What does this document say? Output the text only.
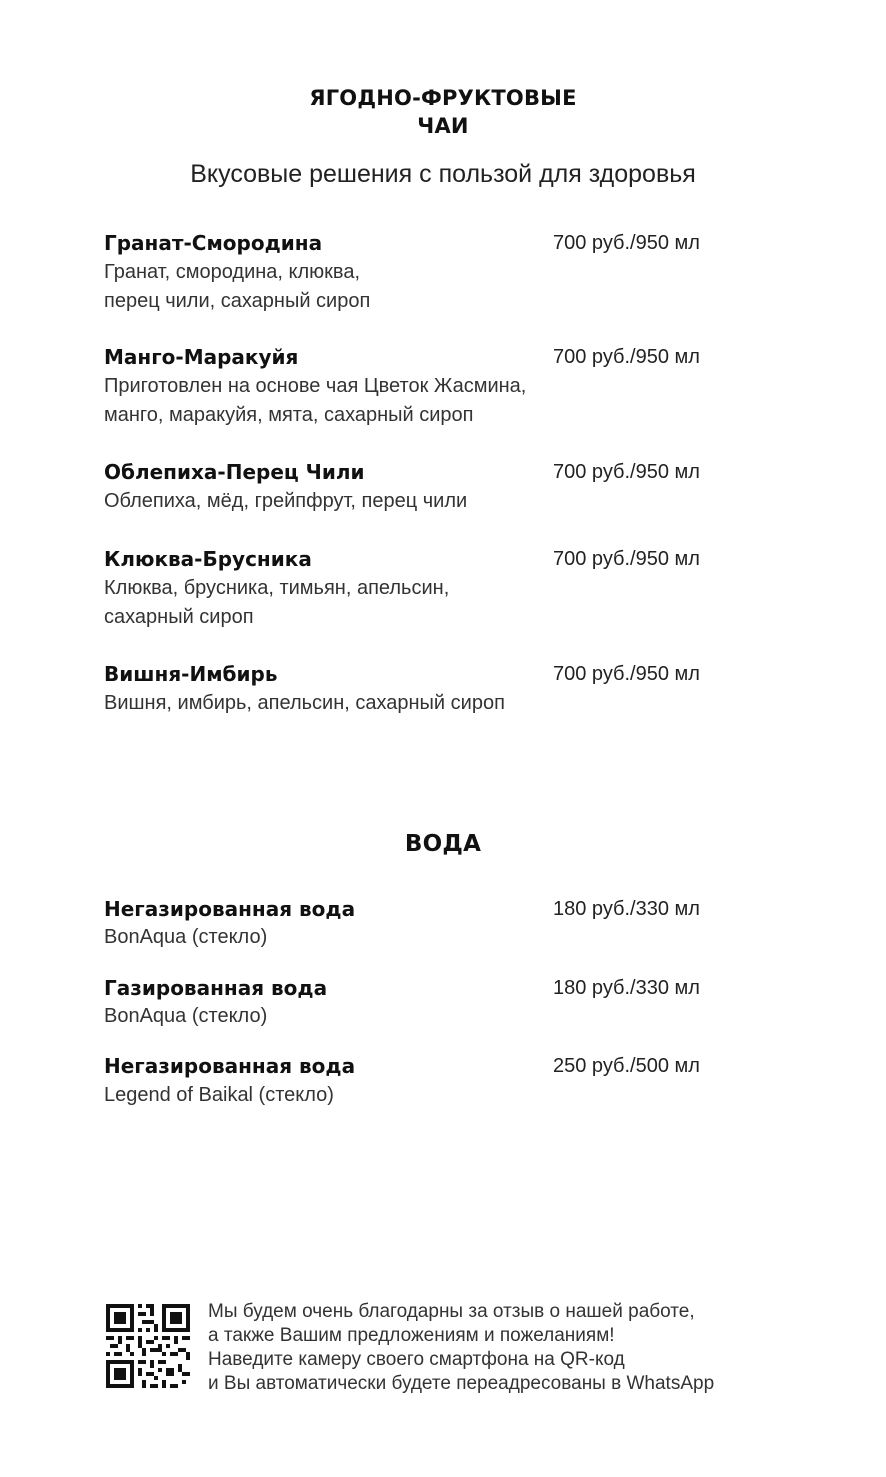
ЯГОДНО-ФРУКТОВЫЕ
ЧАИ
Вкусовые решения с пользой для здоровья
Гранат-Смородина
Гранат, смородина, клюква,
перец чили, сахарный сироп
700 руб./950 мл
Манго-Маракуйя
Приготовлен на основе чая Цветок Жасмина,
манго, маракуйя, мята, сахарный сироп
700 руб./950 мл
Облепиха-Перец Чили
Облепиха, мёд, грейпфрут, перец чили
700 руб./950 мл
Клюква-Брусника
Клюква, брусника, тимьян, апельсин,
сахарный сироп
700 руб./950 мл
Вишня-Имбирь
Вишня, имбирь, апельсин, сахарный сироп
700 руб./950 мл
ВОДА
Негазированная вода
BonAqua (стекло)
180 руб./330 мл
Газированная вода
BonAqua (стекло)
180 руб./330 мл
Негазированная вода
Legend of Baikal (стекло)
250 руб./500 мл
Мы будем очень благодарны за отзыв о нашей работе,
а также Вашим предложениям и пожеланиям!
Наведите камеру своего смартфона на QR-код
и Вы автоматически будете переадресованы в WhatsApp
